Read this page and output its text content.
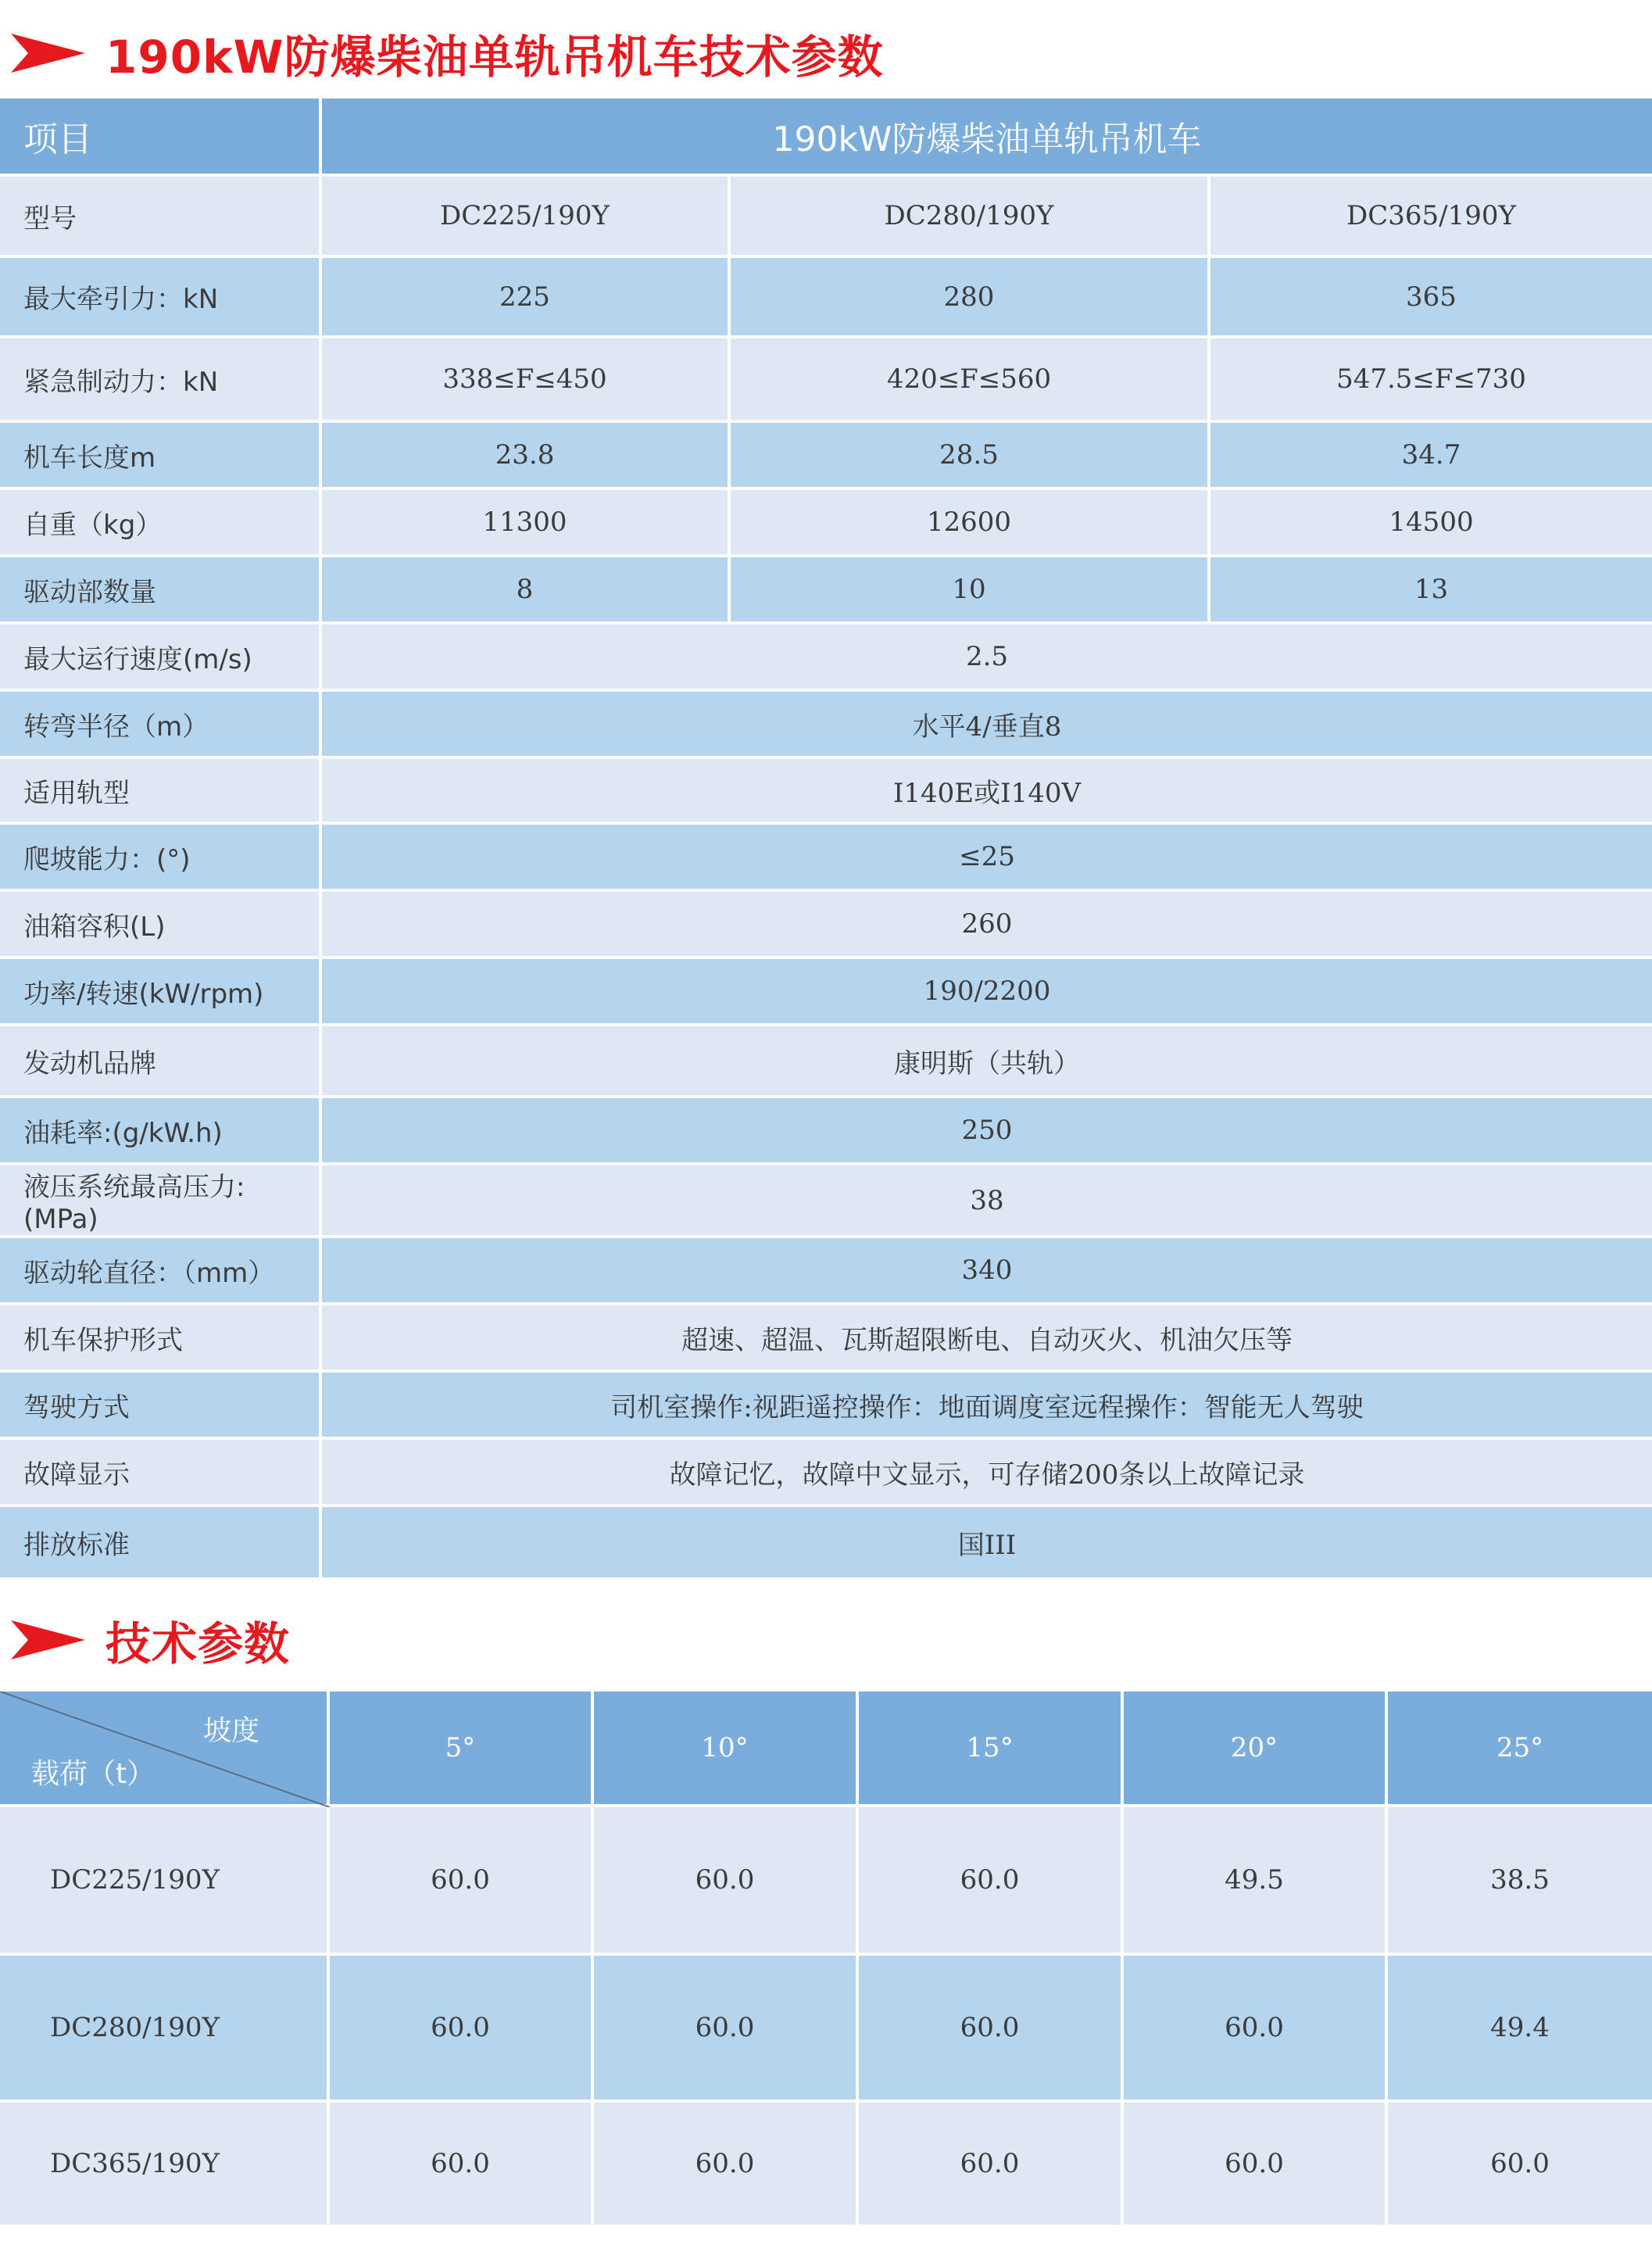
190kW防爆柴油单轨吊机车技术参数
项目	190kW防爆柴油单轨吊机车		
型号	DC225/190Y	DC280/190Y	DC365/190Y
最大牵引力：kN	225	280	365
紧急制动力：kN	338≤F≤450	420≤F≤560	547.5≤F≤730
机车长度m	23.8	28.5	34.7
自重（kg）	11300	12600	14500
驱动部数量	8	10	13
最大运行速度(m/s)	2.5		
转弯半径（m）	水平4/垂直8		
适用轨型	I140E或I140V		
爬坡能力：(°)	≤25		
油箱容积(L)	260		
功率/转速(kW/rpm)	190/2200		
发动机品牌	康明斯（共轨）		
油耗率:(g/kW.h)	250		
液压系统最高压力:(MPa)	38		
驱动轮直径：（mm）	340		
机车保护形式	超速、超温、瓦斯超限断电、自动灭火、机油欠压等		
驾驶方式	司机室操作:视距遥控操作：地面调度室远程操作：智能无人驾驶		
故障显示	故障记忆，故障中文显示，可存储200条以上故障记录		
排放标准	国III		
技术参数
坡度
载荷（t）	5°	10°	15°	20°	25°
DC225/190Y	60.0	60.0	60.0	49.5	38.5
DC280/190Y	60.0	60.0	60.0	60.0	49.4
DC365/190Y	60.0	60.0	60.0	60.0	60.0
